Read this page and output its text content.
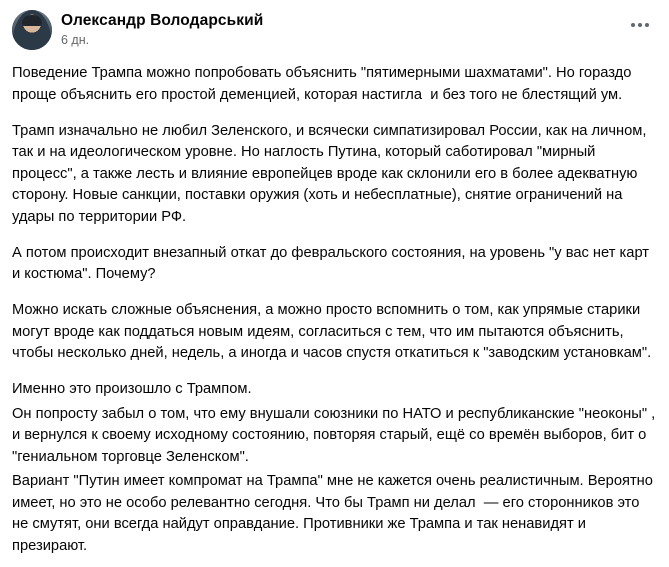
Олександр Володарський
6 дн.

Поведение Трампа можно попробовать объяснить "пятимерными шахматами". Но гораздо проще объяснить его простой деменцией, которая настигла  и без того не блестящий ум.

Трамп изначально не любил Зеленского, и всячески симпатизировал России, как на личном, так и на идеологическом уровне. Но наглость Путина, который саботировал "мирный процесс", а также лесть и влияние европейцев вроде как склонили его в более адекватную сторону. Новые санкции, поставки оружия (хоть и небесплатные), снятие ограничений на удары по территории РФ.

А потом происходит внезапный откат до февральского состояния, на уровень "у вас нет карт и костюма". Почему?

Можно искать сложные объяснения, а можно просто вспомнить о том, как упрямые старики могут вроде как поддаться новым идеям, согласиться с тем, что им пытаются объяснить, чтобы несколько дней, недель, а иногда и часов спустя откатиться к "заводским установкам".

Именно это произошло с Трампом.

Он попросту забыл о том, что ему внушали союзники по НАТО и республиканские "неоконы" , и вернулся к своему исходному состоянию, повторяя старый, ещё со времён выборов, бит о "гениальном торговце Зеленском".

Вариант "Путин имеет компромат на Трампа" мне не кажется очень реалистичным. Вероятно имеет, но это не особо релевантно сегодня. Что бы Трамп ни делал  — его сторонников это не смутят, они всегда найдут оправдание. Противники же Трампа и так ненавидят и презирают.
